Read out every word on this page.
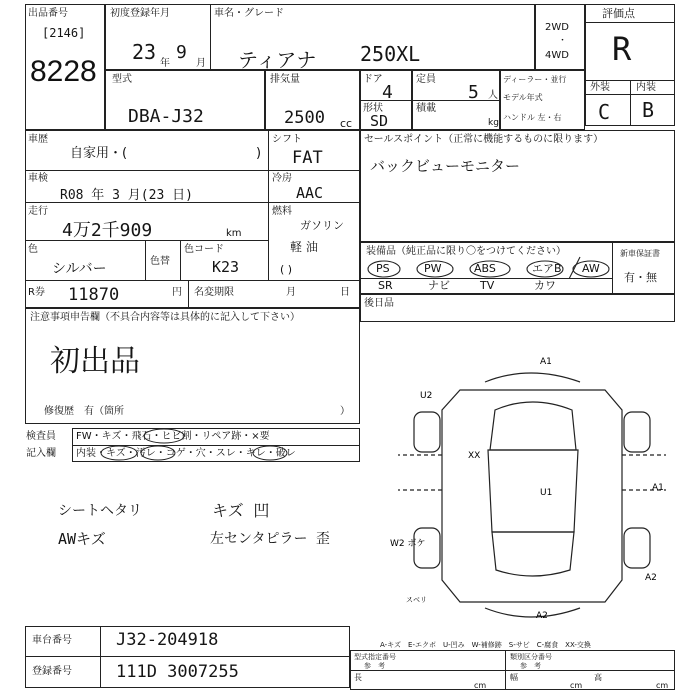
出品番号
[2146]
8228
初度登録年月
23 年
9
月
車名・グレード
ティアナ 250XL
2WD
・
4WD
評価点
R
外装	内装
C B
型式
DBA-J32
排気量
2500 cc
ドア
4
形状
SD
定員
5 人
積載
kg
ディーラー・並行
モデル年式
ハンドル 左・右
車歴
自家用・(	)
シフト
FAT
車検
R08 年 3 月(23 日)
冷房
AAC
走行
4万2千909	km
燃料
ガソリン
軽 油
( )
色
シルバー	色替
色コード
K23
R券 11870	円 名変期限	月	日
セールスポイント（正常に機能するものに限ります）
バックビューモニター
装備品（純正品に限り〇をつけてください）	新車保証書
有・無
PS	PW	ABS	エアB AW
SR	ナビ	TV	カワ
後日品
注意事項申告欄（不具合内容等は具体的に記入して下さい）
初出品
修復歴　有（箇所	）
検査員 FW・キズ・飛石・ヒビ割・リペア跡・×要
記入欄 内装・キズ・汚レ・コゲ・穴・スレ・キレ・破レ
シートヘタリ	キズ 凹
AWキズ	左センタピラー 歪
A1
U2
XX
U1	A1
W2 ボケ
A2
A2
スベリ
A-キズ　E-エクボ　U-凹み　W-補修跡　S-サビ　C-腐食　XX-交換
車台番号	J32-204918
登録番号	111D 3007255
型式指定番号
参　考
類別区分番号
参　考
長
cm
幅
cm
高
cm
